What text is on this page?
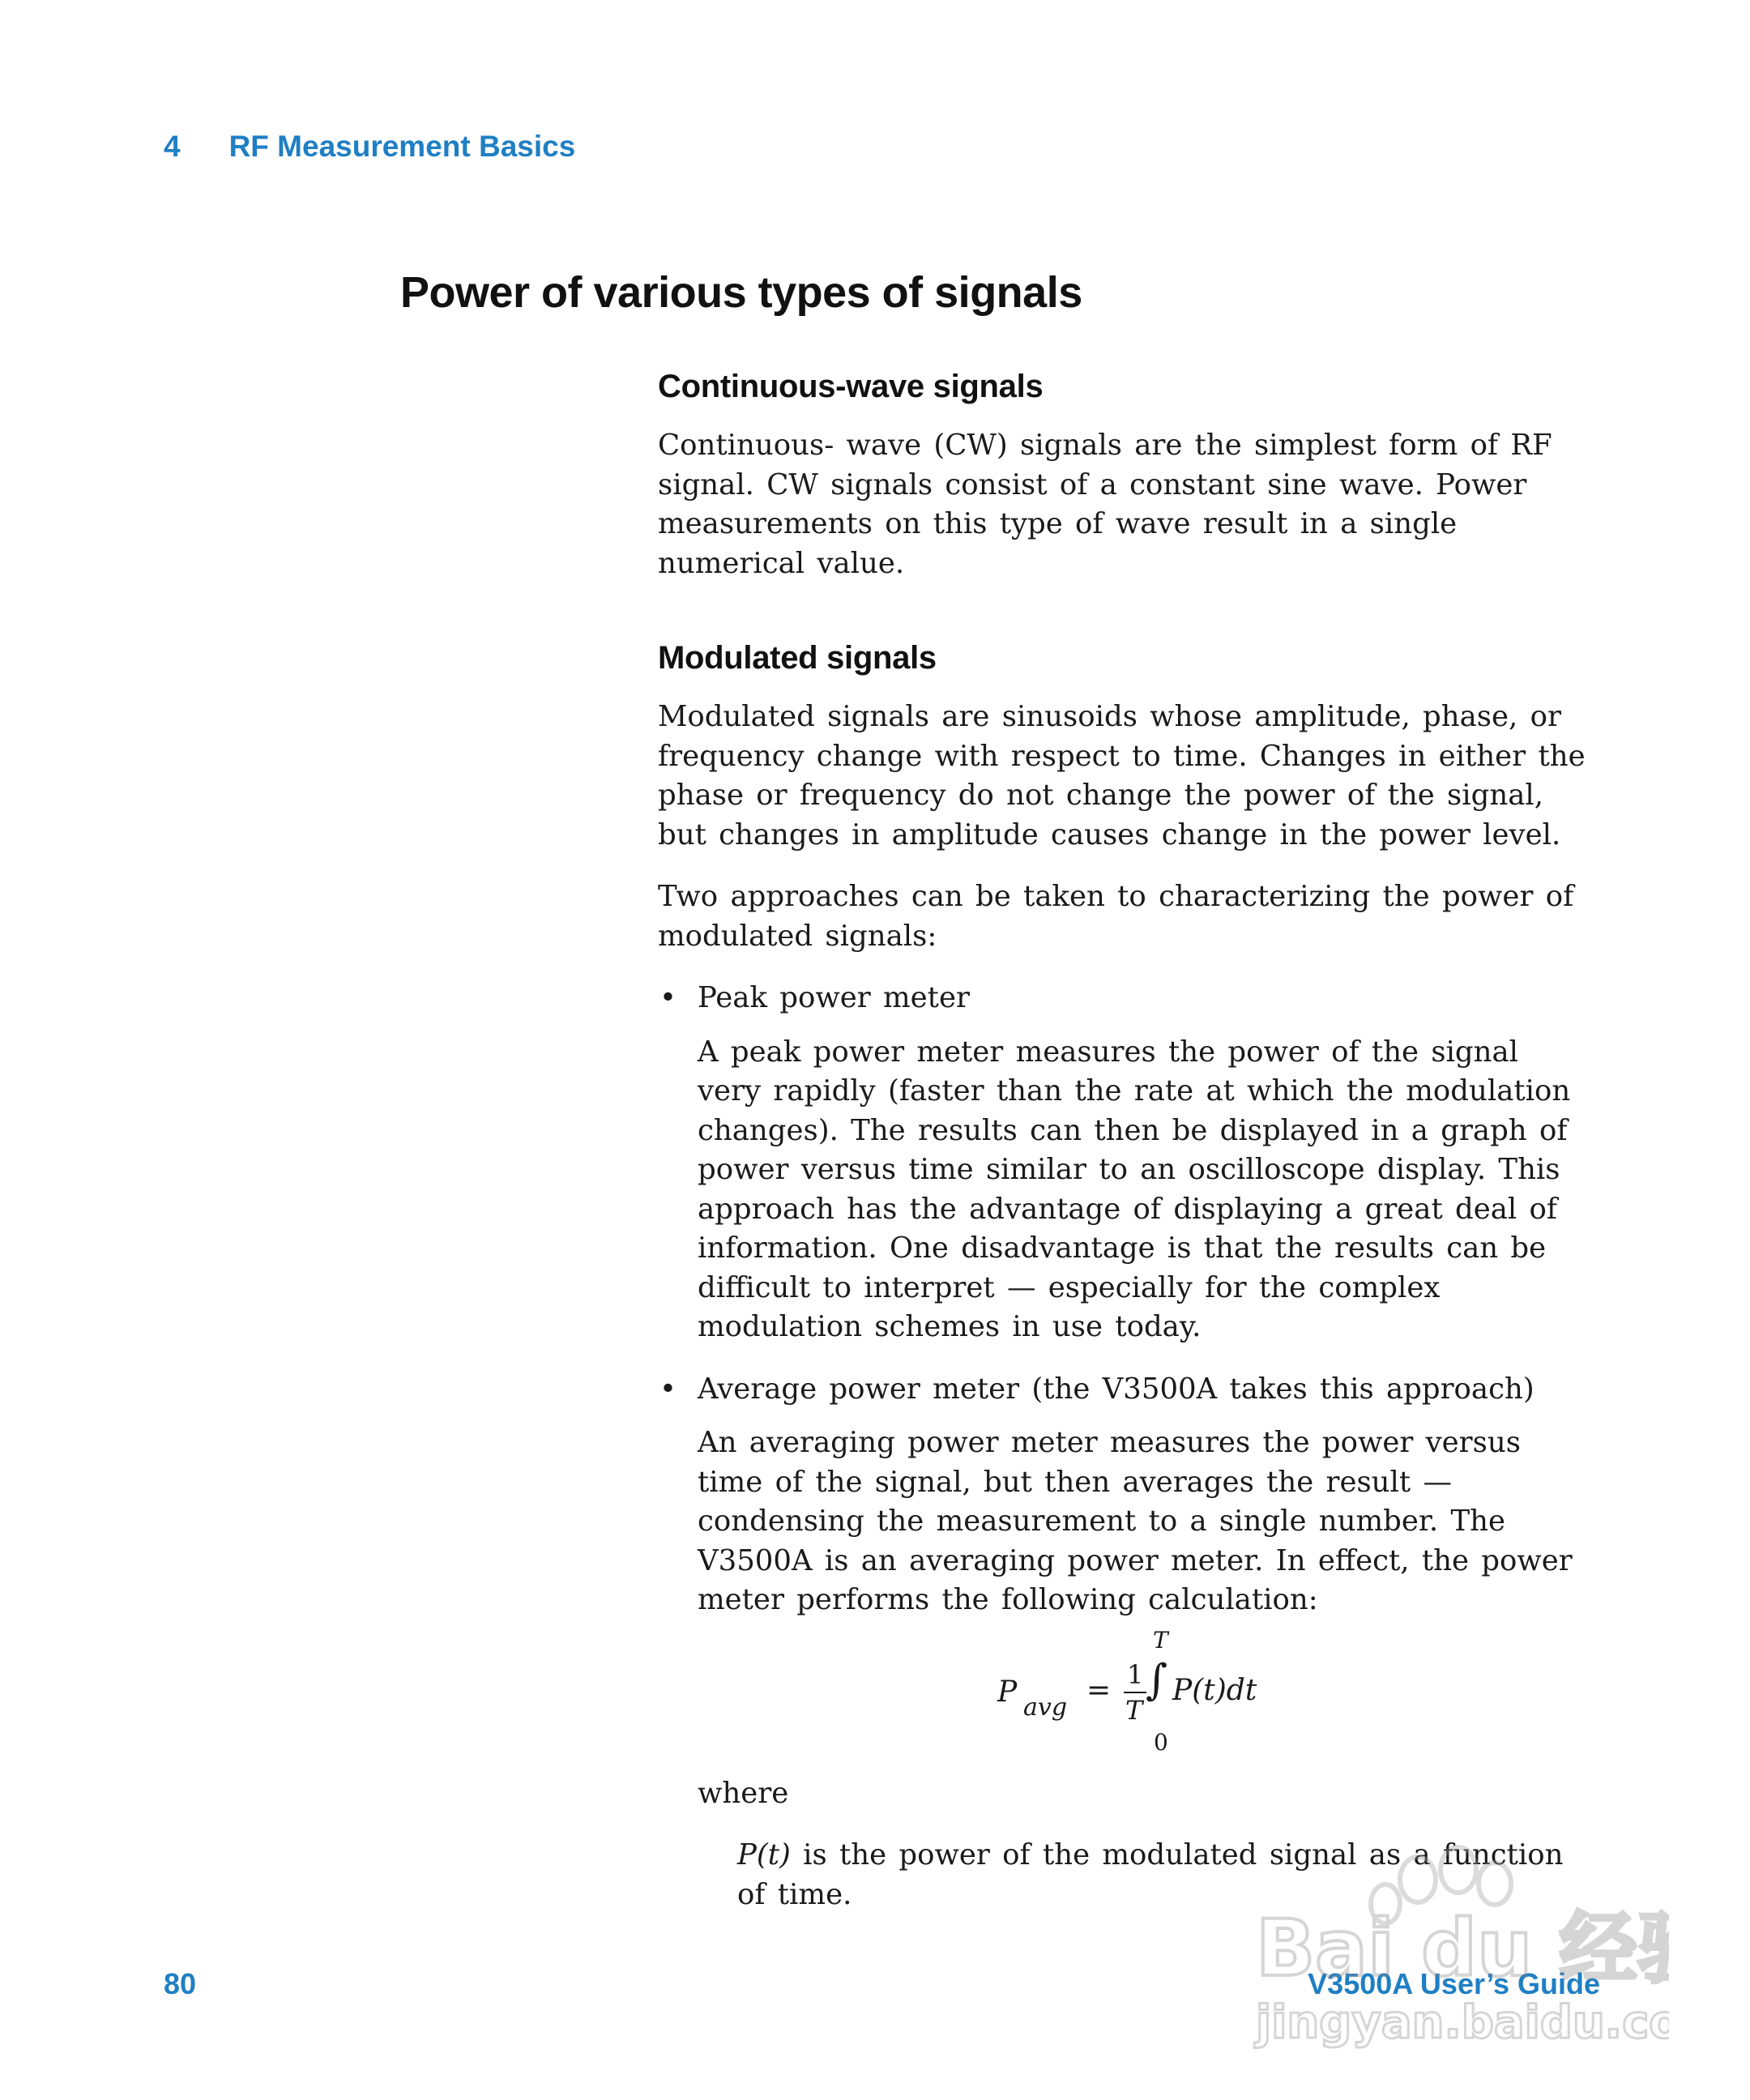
4 RF Measurement Basics
Power of various types of signals
Continuous-wave signals

Continuous- wave (CW) signals are the simplest form of RF signal. CW signals consist of a constant sine wave. Power measurements on this type of wave result in a single numerical value.

Modulated signals

Modulated signals are sinusoids whose amplitude, phase, or frequency change with respect to time. Changes in either the phase or frequency do not change the power of the signal, but changes in amplitude causes change in the power level.

Two approaches can be taken to characterizing the power of modulated signals:

• Peak power meter

A peak power meter measures the power of the signal very rapidly (faster than the rate at which the modulation changes). The results can then be displayed in a graph of power versus time similar to an oscilloscope display. This approach has the advantage of displaying a great deal of information. One disadvantage is that the results can be difficult to interpret — especially for the complex modulation schemes in use today.

• Average power meter (the V3500A takes this approach)

An averaging power meter measures the power versus time of the signal, but then averages the result — condensing the measurement to a single number. The V3500A is an averaging power meter. In effect, the power meter performs the following calculation:

P avg
= 1
T
T
∫
0
P(t)dt

where

P(t) is the power of the modulated signal as a function of time.

80	V3500A User’s Guide
Bai du 经
jingyan.baidu.co
